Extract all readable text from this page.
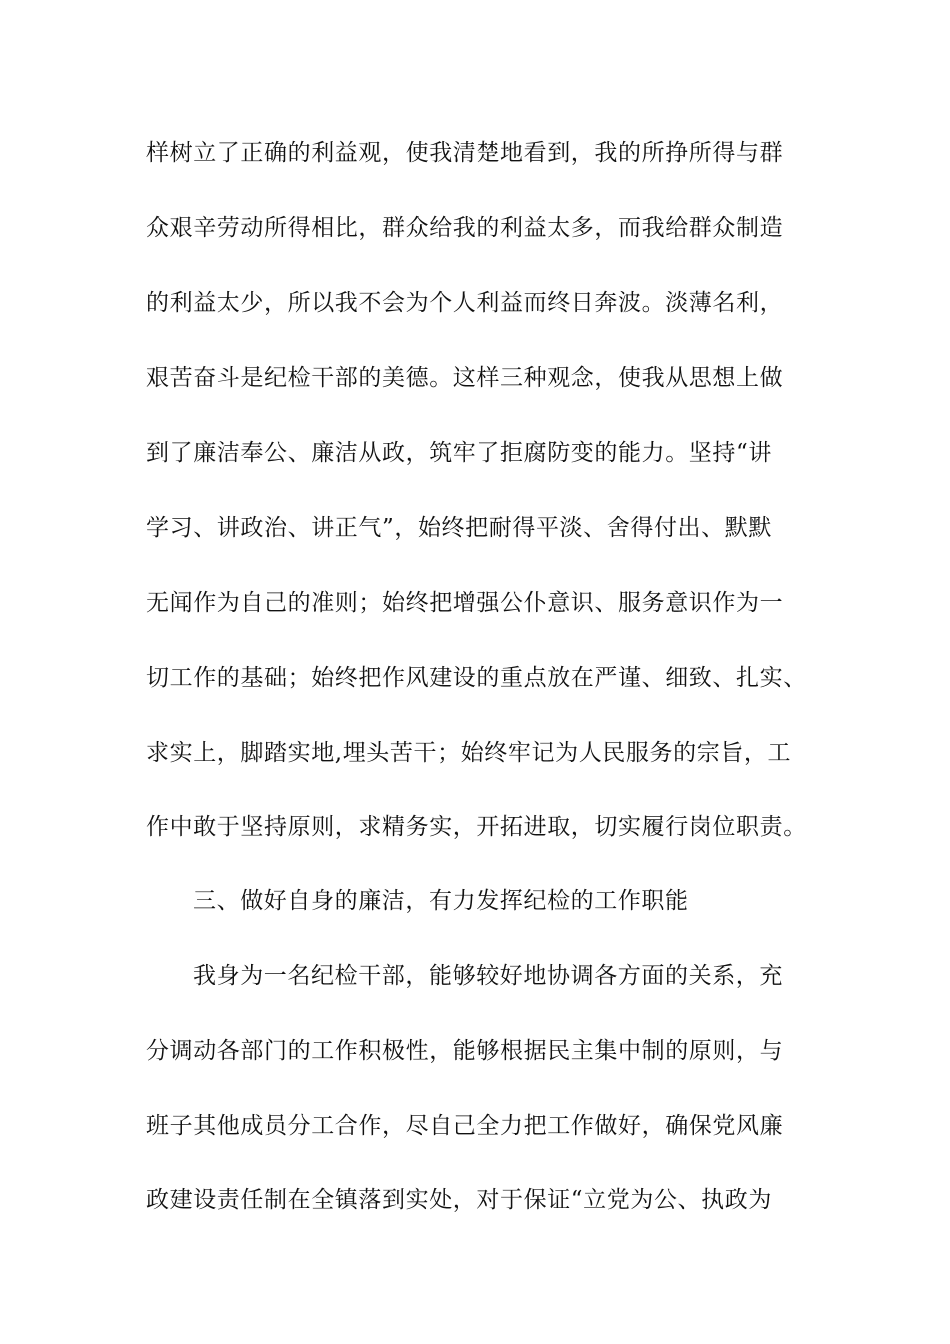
样树立了正确的利益观，使我清楚地看到，我的所挣所得与群
众艰辛劳动所得相比，群众给我的利益太多，而我给群众制造
的利益太少，所以我不会为个人利益而终日奔波。淡薄名利，
艰苦奋斗是纪检干部的美德。这样三种观念，使我从思想上做
到了廉洁奉公、廉洁从政，筑牢了拒腐防变的能力。坚持“讲
学习、讲政治、讲正气”，始终把耐得平淡、舍得付出、默默
无闻作为自己的准则；始终把增强公仆意识、服务意识作为一
切工作的基础；始终把作风建设的重点放在严谨、细致、扎实、
求实上，脚踏实地,埋头苦干；始终牢记为人民服务的宗旨，工
作中敢于坚持原则，求精务实，开拓进取，切实履行岗位职责。
三、做好自身的廉洁，有力发挥纪检的工作职能
我身为一名纪检干部，能够较好地协调各方面的关系，充
分调动各部门的工作积极性，能够根据民主集中制的原则，与
班子其他成员分工合作，尽自己全力把工作做好，确保党风廉
政建设责任制在全镇落到实处，对于保证“立党为公、执政为
